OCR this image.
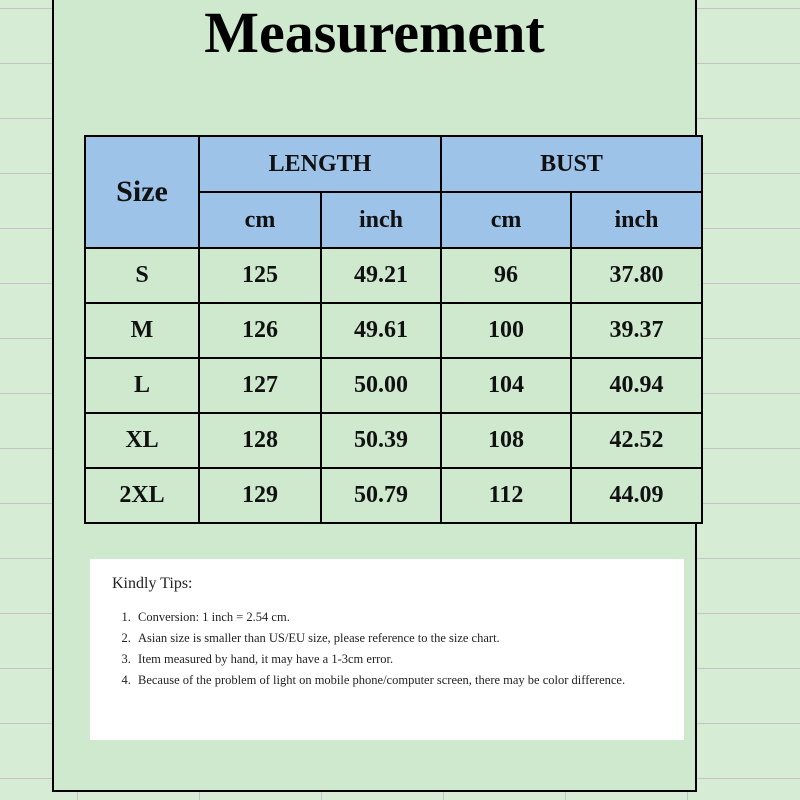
Measurement
Size	LENGTH		BUST	
	cm	inch	cm	inch
S	125	49.21	96	37.80
M	126	49.61	100	39.37
L	127	50.00	104	40.94
XL	128	50.39	108	42.52
2XL	129	50.79	112	44.09
Kindly Tips:
1. Conversion: 1 inch = 2.54 cm.
2. Asian size is smaller than US/EU size, please reference to the size chart.
3. Item measured by hand, it may have a 1-3cm error.
4. Because of the problem of light on mobile phone/computer screen, there may be color difference.
